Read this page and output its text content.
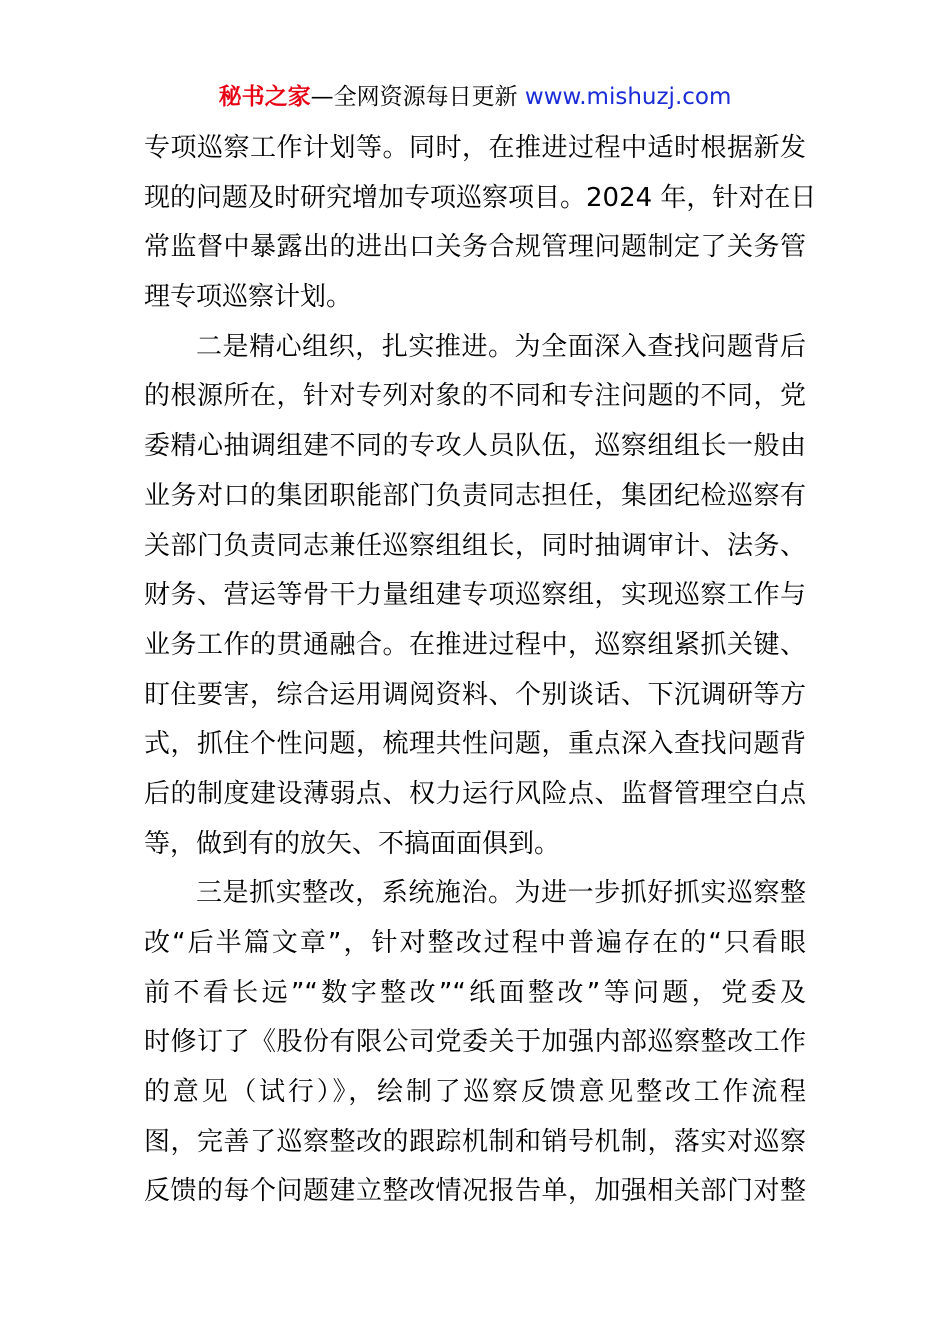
秘书之家—全网资源每日更新 www.mishuzj.com
专项巡察工作计划等。同时，在推进过程中适时根据新发
现的问题及时研究增加专项巡察项目。2024 年，针对在日
常监督中暴露出的进出口关务合规管理问题制定了关务管
理专项巡察计划。
二是精心组织，扎实推进。为全面深入查找问题背后
的根源所在，针对专列对象的不同和专注问题的不同，党
委精心抽调组建不同的专攻人员队伍，巡察组组长一般由
业务对口的集团职能部门负责同志担任，集团纪检巡察有
关部门负责同志兼任巡察组组长，同时抽调审计、法务、
财务、营运等骨干力量组建专项巡察组，实现巡察工作与
业务工作的贯通融合。在推进过程中，巡察组紧抓关键、
盯住要害，综合运用调阅资料、个别谈话、下沉调研等方
式，抓住个性问题，梳理共性问题，重点深入查找问题背
后的制度建设薄弱点、权力运行风险点、监督管理空白点
等，做到有的放矢、不搞面面俱到。
三是抓实整改，系统施治。为进一步抓好抓实巡察整
改“后半篇文章”，针对整改过程中普遍存在的“只看眼
前不看长远”“数字整改”“纸面整改”等问题，党委及
时修订了《股份有限公司党委关于加强内部巡察整改工作
的意见（试行）》，绘制了巡察反馈意见整改工作流程
图，完善了巡察整改的跟踪机制和销号机制，落实对巡察
反馈的每个问题建立整改情况报告单，加强相关部门对整
